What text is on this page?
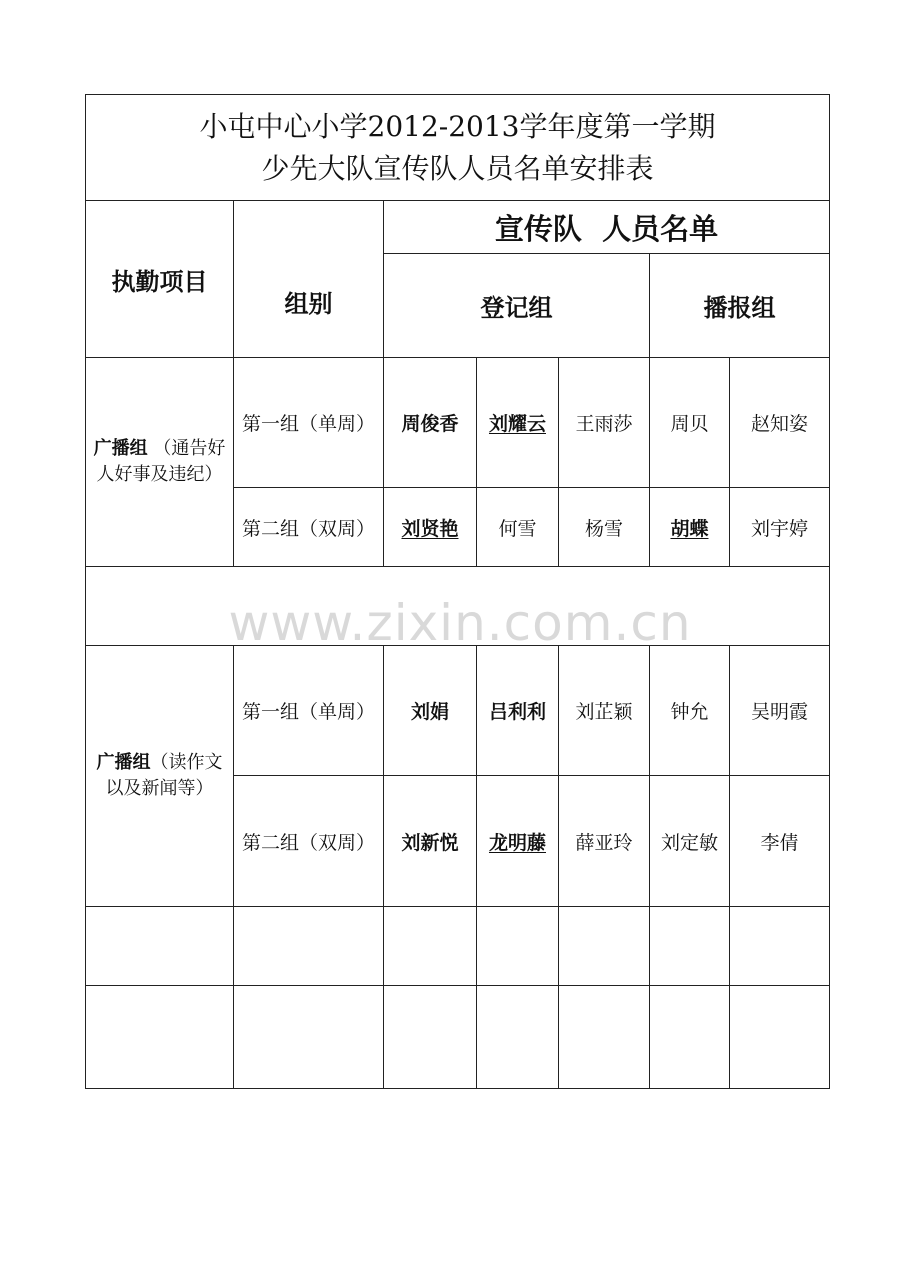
小屯中心小学2012-2013学年度第一学期
少先大队宣传队人员名单安排表
执勤项目
组别
宣传队  人员名单
登记组	播报组
广播组 （通告好人好事及违纪）
第一组（单周）	周俊香 刘耀云 王雨莎 周贝 赵知姿
第二组（双周）	刘贤艳 何雪	杨雪 胡蝶 刘宇婷
广播组（读作文以及新闻等）
第一组（单周）	刘娟 吕利利 刘芷颖 钟允 吴明霞
第二组（双周）	刘新悦 龙明藤 薛亚玲 刘定敏 李倩
www.zixin.com.cn
